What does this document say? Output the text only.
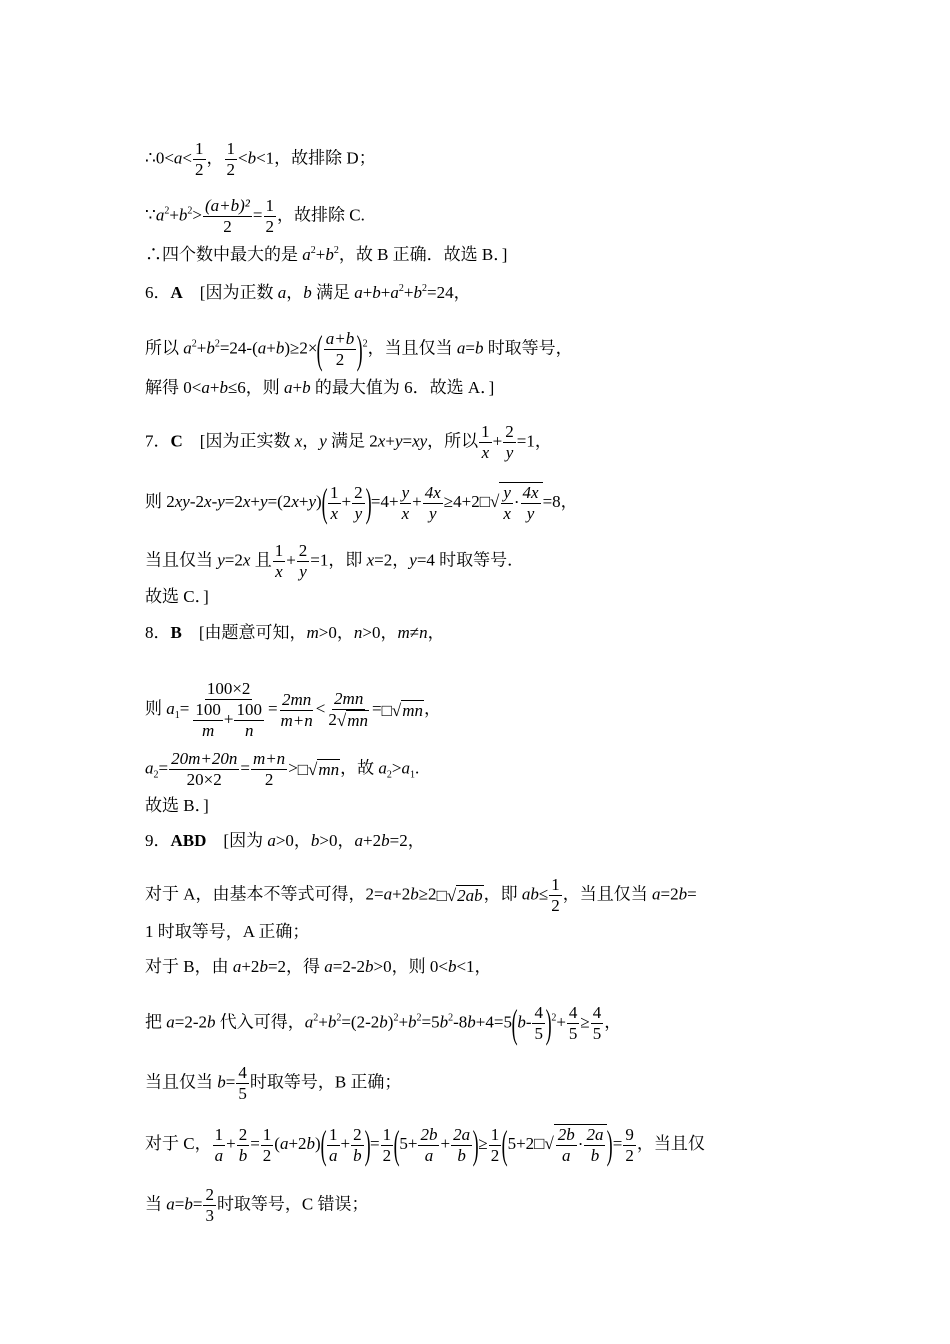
∴0<a< $\frac{1}{2}$ ， $\frac{1}{2} <b<1$，故排除 D；
$\because a^2+b^2> \frac{\text{(a+b)²}}{2} = \frac{1}{2}$ ，故排除 C.
∴四个数中最大的是 $a^2+b^2$，故 B 正确．故选 B．]
6．A　[因为正数 a，b 满足 $a+b+a^2+b^2=24$，
所以 $a^2+b^2=24-(a+b)\ge 2\times( \frac{a+b}{2} )^2$，当且仅当 a=b 时取等号，
解得 0<a+b≤6，则 a+b 的最大值为 6．故选 A．]
7．C　[因为正实数 x，y 满足 2x+y=xy，所以 $\frac{1}{x} + \frac{2}{y} =1$，
则 $2xy-2x-y=2x+y=(2x+y)( \frac{1}{x} + \frac{2}{y} )=4+ \frac{y}{x} + \frac{4x}{y}$ ≥4+2□√ $\frac{y}{x} \cdot \frac{4x}{y} =8$，
当且仅当 y=2x 且 $\frac{1}{x} + \frac{2}{y} =1$，即 x=2，y=4 时取等号．
故选 C．]
8．B　[由题意可知，m>0，n>0，m≠n，
则 $a_1= \frac{100\times 2}{\frac{100}{m} + \frac{100}{n}} = \frac{2mn}{m+n} < \frac{2mn}{2√mn}$ =□√mn，
$a_2= \frac{20m+20n}{20\times 2} = \frac{m+n}{2}$ >□√mn，故 $a_2>a_1$.
故选 B．]
9．ABD　[因为 a>0，b>0，a+2b=2，
对于 A，由基本不等式可得，2=a+2b≥2□√2ab，即 $ab\le \frac{1}{2}$ ，当且仅当 a=2b=
1 时取等号，A 正确；
对于 B，由 a+2b=2，得 a=2-2b>0，则 0<b<1，
把 a=2-2b 代入可得，$a^2+b^2=(2-2b)^2+b^2=5b^2-8b+4=5(b- \frac{4}{5} )^2+ \frac{4}{5} \ge \frac{4}{5}$ ，
当且仅当 $b= \frac{4}{5}$ 时取等号，B 正确；
对于 C， $\frac{1}{a} + \frac{2}{b} = \frac{1}{2} (a+2b)( \frac{1}{a} + \frac{2}{b}$ )= $\frac{1}{2} (5+ \frac{2b}{a} + \frac{2a}{b}$ )≥ $\frac{1}{2}$ (5+2□√ $\frac{2b}{a} \cdot \frac{2a}{b}$ )= $\frac{9}{2}$ ，当且仅
当 $a=b= \frac{2}{3}$ 时取等号，C 错误；
